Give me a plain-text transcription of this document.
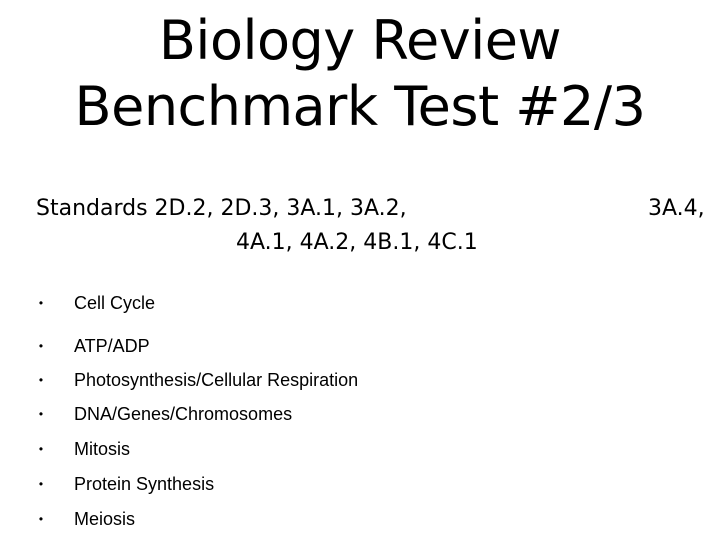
Biology Review
Benchmark Test #2/3
Standards 2D.2, 2D.3, 3A.1, 3A.2,	3A.4,
4A.1, 4A.2, 4B.1, 4C.1
• Cell Cycle
• ATP/ADP
• Photosynthesis/Cellular Respiration
• DNA/Genes/Chromosomes
• Mitosis
• Protein Synthesis
• Meiosis
